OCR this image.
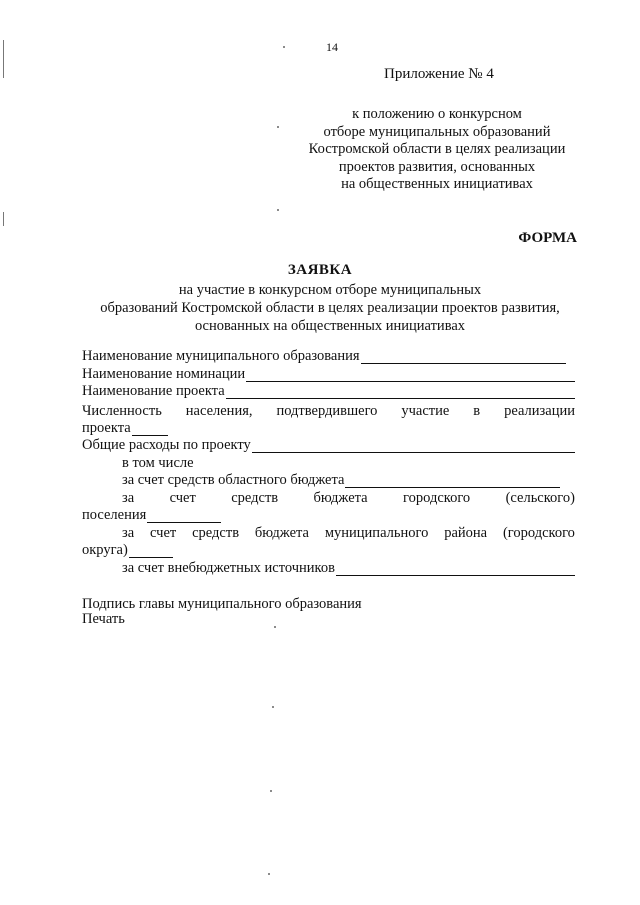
14
Приложение № 4
к положению о конкурсном
отборе муниципальных образований
Костромской области в целях реализации
проектов развития, основанных
на общественных инициативах
ФОРМА
ЗАЯВКА
на участие в конкурсном отборе муниципальных
образований Костромской области в целях реализации проектов развития,
основанных на общественных инициативах
Наименование муниципального образования
Наименование номинации
Наименование проекта
Численность населения, подтвердившего участие в реализации
проекта
Общие расходы по проекту
в том числе
за счет средств областного бюджета
за счет средств бюджета городского (сельского)
поселения
за счет средств бюджета муниципального района (городского
округа)
за счет внебюджетных источников
Подпись главы муниципального образования
Печать
